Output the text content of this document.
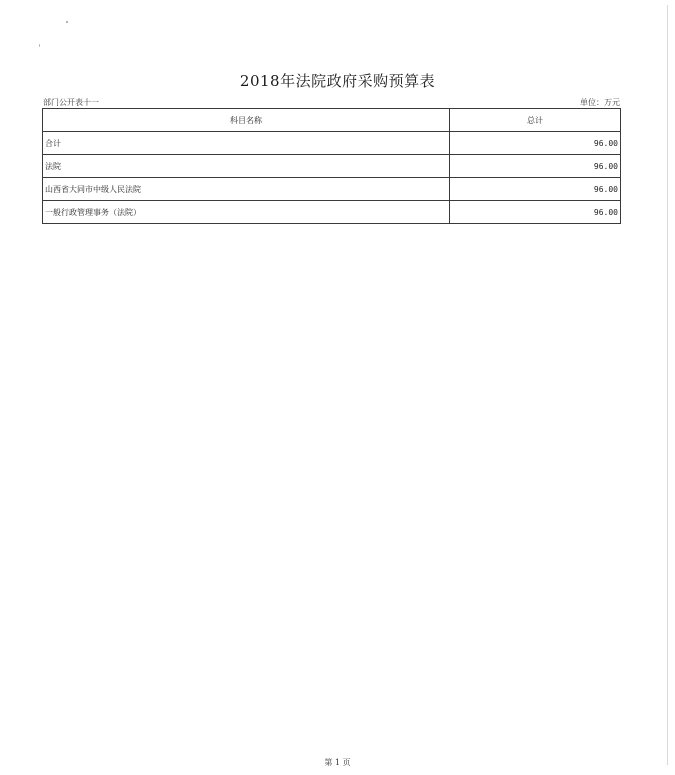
2018年法院政府采购预算表
部门公开表十一	单位：万元
科目名称	总计
合计	96.00
法院	96.00
山西省大同市中级人民法院	96.00
一般行政管理事务（法院）	96.00
第 1 页
